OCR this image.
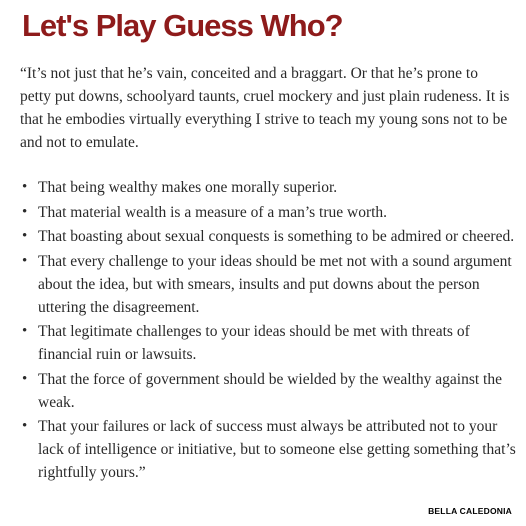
Let's Play Guess Who?

“It’s not just that he’s vain, conceited and a braggart. Or that he’s prone to petty put downs, schoolyard taunts, cruel mockery and just plain rudeness. It is that he embodies virtually everything I strive to teach my young sons not to be and not to emulate.

• That being wealthy makes one morally superior.
• That material wealth is a measure of a man’s true worth.
• That boasting about sexual conquests is something to be admired or cheered.
• That every challenge to your ideas should be met not with a sound argument about the idea, but with smears, insults and put downs about the person uttering the disagreement.
• That legitimate challenges to your ideas should be met with threats of financial ruin or lawsuits.
• That the force of government should be wielded by the wealthy against the weak.
• That your failures or lack of success must always be attributed not to your lack of intelligence or initiative, but to someone else getting something that’s rightfully yours.”
BELLA CALEDONIA
